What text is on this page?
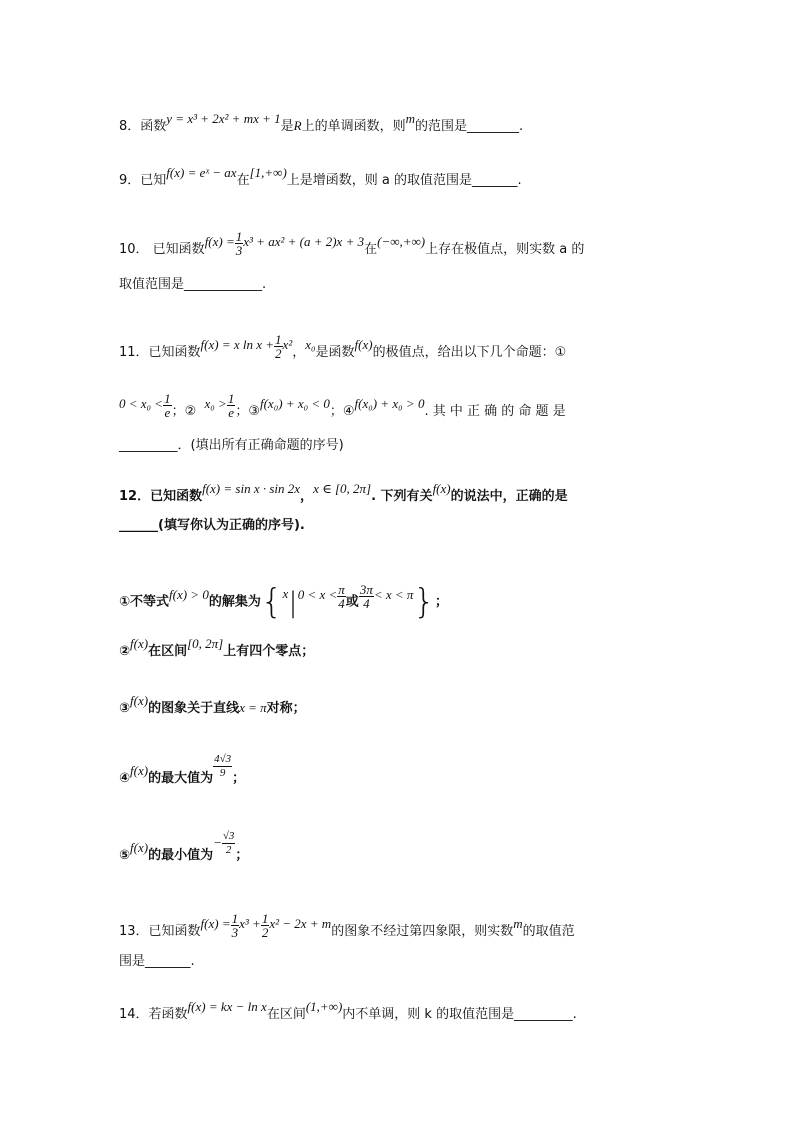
8．函数y = x³ + 2x² + mx + 1是R上的单调函数，则m的范围是________.
9．已知f(x) = eˣ − ax在[1,+∞)上是增函数，则 a 的取值范围是_______.
10． 已知函数$f(x) = \frac{1}{3} x^3 + ax^2 + (a + 2)x + 3$在(−∞,+∞)上存在极值点，则实数 a 的
取值范围是____________.
11．已知函数f(x) = x $\ln x + \frac{1}{2} x^2$，x₀是函数f(x)的极值点，给出以下几个命题：①
$0 < x_0 < \frac{1}{e}$ ；②  $x_0 > \frac{1}{e}$ ；③f(x₀) + x₀ < 0；④f(x₀) + x₀ > 0. 其 中 正 确 的 命 题 是
_________．(填出所有正确命题的序号)
12．已知函数f(x) = sin x · sin 2x，x ∈ [0, 2π]. 下列有关f(x)的说法中，正确的是
______(填写你认为正确的序号).
①不等式f(x) > 0的解集为{$x|0 < x < \frac{\pi}{4}$ 或 $\frac{3\pi}{4} < x < \pi$}；
②f(x)在区间[0, 2π]上有四个零点；
③f(x)的图象关于直线x = π对称；
④f(x)的最大值为 $\frac{4√3}{9}$ ；
⑤f(x)的最小值为− $\frac{√3}{2}$ ；
13．已知函数$f(x) = \frac{1}{3} x^3 + \frac{1}{2} x^2 - 2x + m$的图象不经过第四象限，则实数m的取值范
围是_______.
14．若函数f(x) = kx − ln x在区间(1,+∞)内不单调，则 k 的取值范围是_________.
